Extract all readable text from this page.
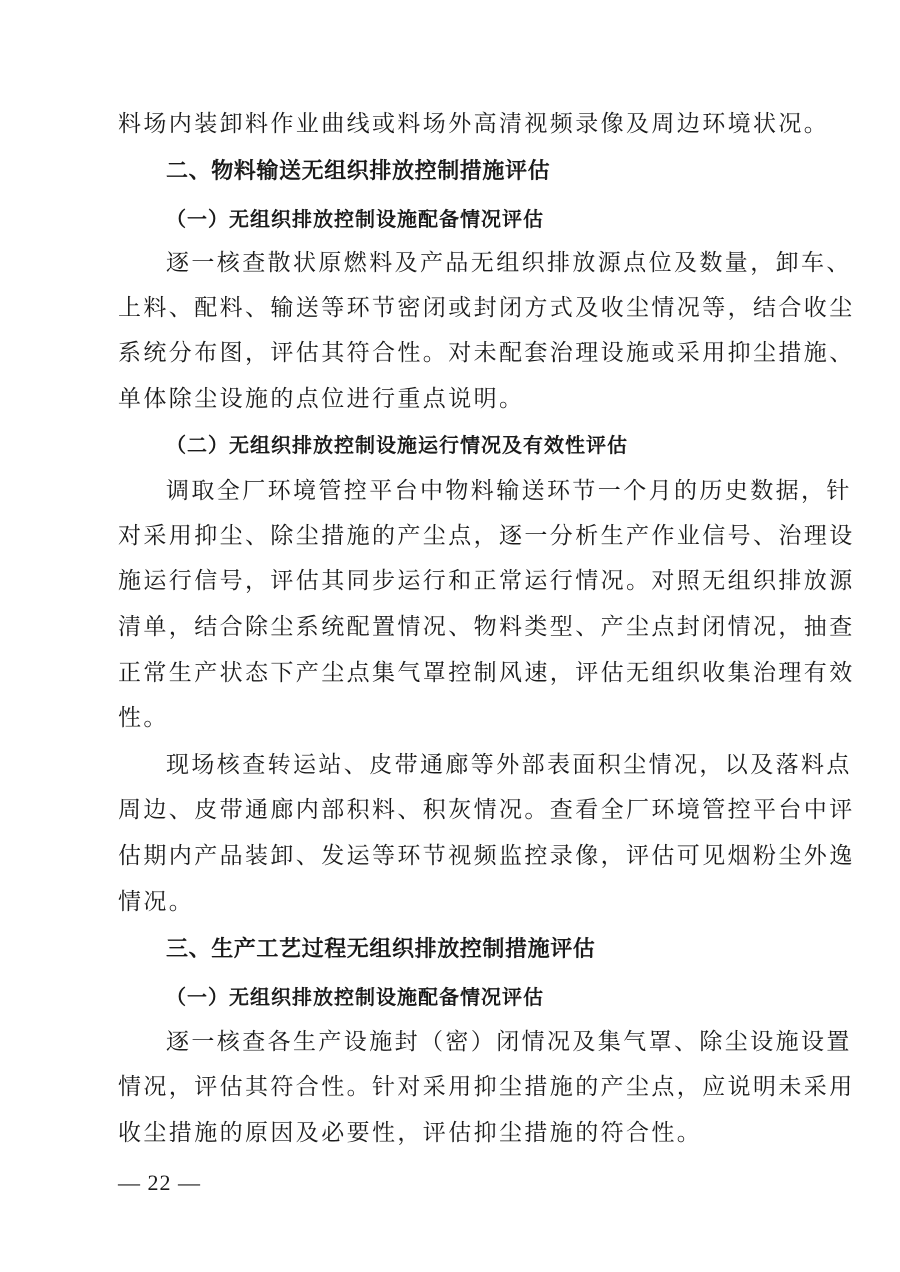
料场内装卸料作业曲线或料场外高清视频录像及周边环境状况。
二、物料输送无组织排放控制措施评估
（一）无组织排放控制设施配备情况评估
逐一核查散状原燃料及产品无组织排放源点位及数量，卸车、
上料、配料、输送等环节密闭或封闭方式及收尘情况等，结合收尘
系统分布图，评估其符合性。对未配套治理设施或采用抑尘措施、
单体除尘设施的点位进行重点说明。
（二）无组织排放控制设施运行情况及有效性评估
调取全厂环境管控平台中物料输送环节一个月的历史数据，针
对采用抑尘、除尘措施的产尘点，逐一分析生产作业信号、治理设
施运行信号，评估其同步运行和正常运行情况。对照无组织排放源
清单，结合除尘系统配置情况、物料类型、产尘点封闭情况，抽查
正常生产状态下产尘点集气罩控制风速，评估无组织收集治理有效
性。
现场核查转运站、皮带通廊等外部表面积尘情况，以及落料点
周边、皮带通廊内部积料、积灰情况。查看全厂环境管控平台中评
估期内产品装卸、发运等环节视频监控录像，评估可见烟粉尘外逸
情况。
三、生产工艺过程无组织排放控制措施评估
（一）无组织排放控制设施配备情况评估
逐一核查各生产设施封（密）闭情况及集气罩、除尘设施设置
情况，评估其符合性。针对采用抑尘措施的产尘点，应说明未采用
收尘措施的原因及必要性，评估抑尘措施的符合性。
— 22 —
